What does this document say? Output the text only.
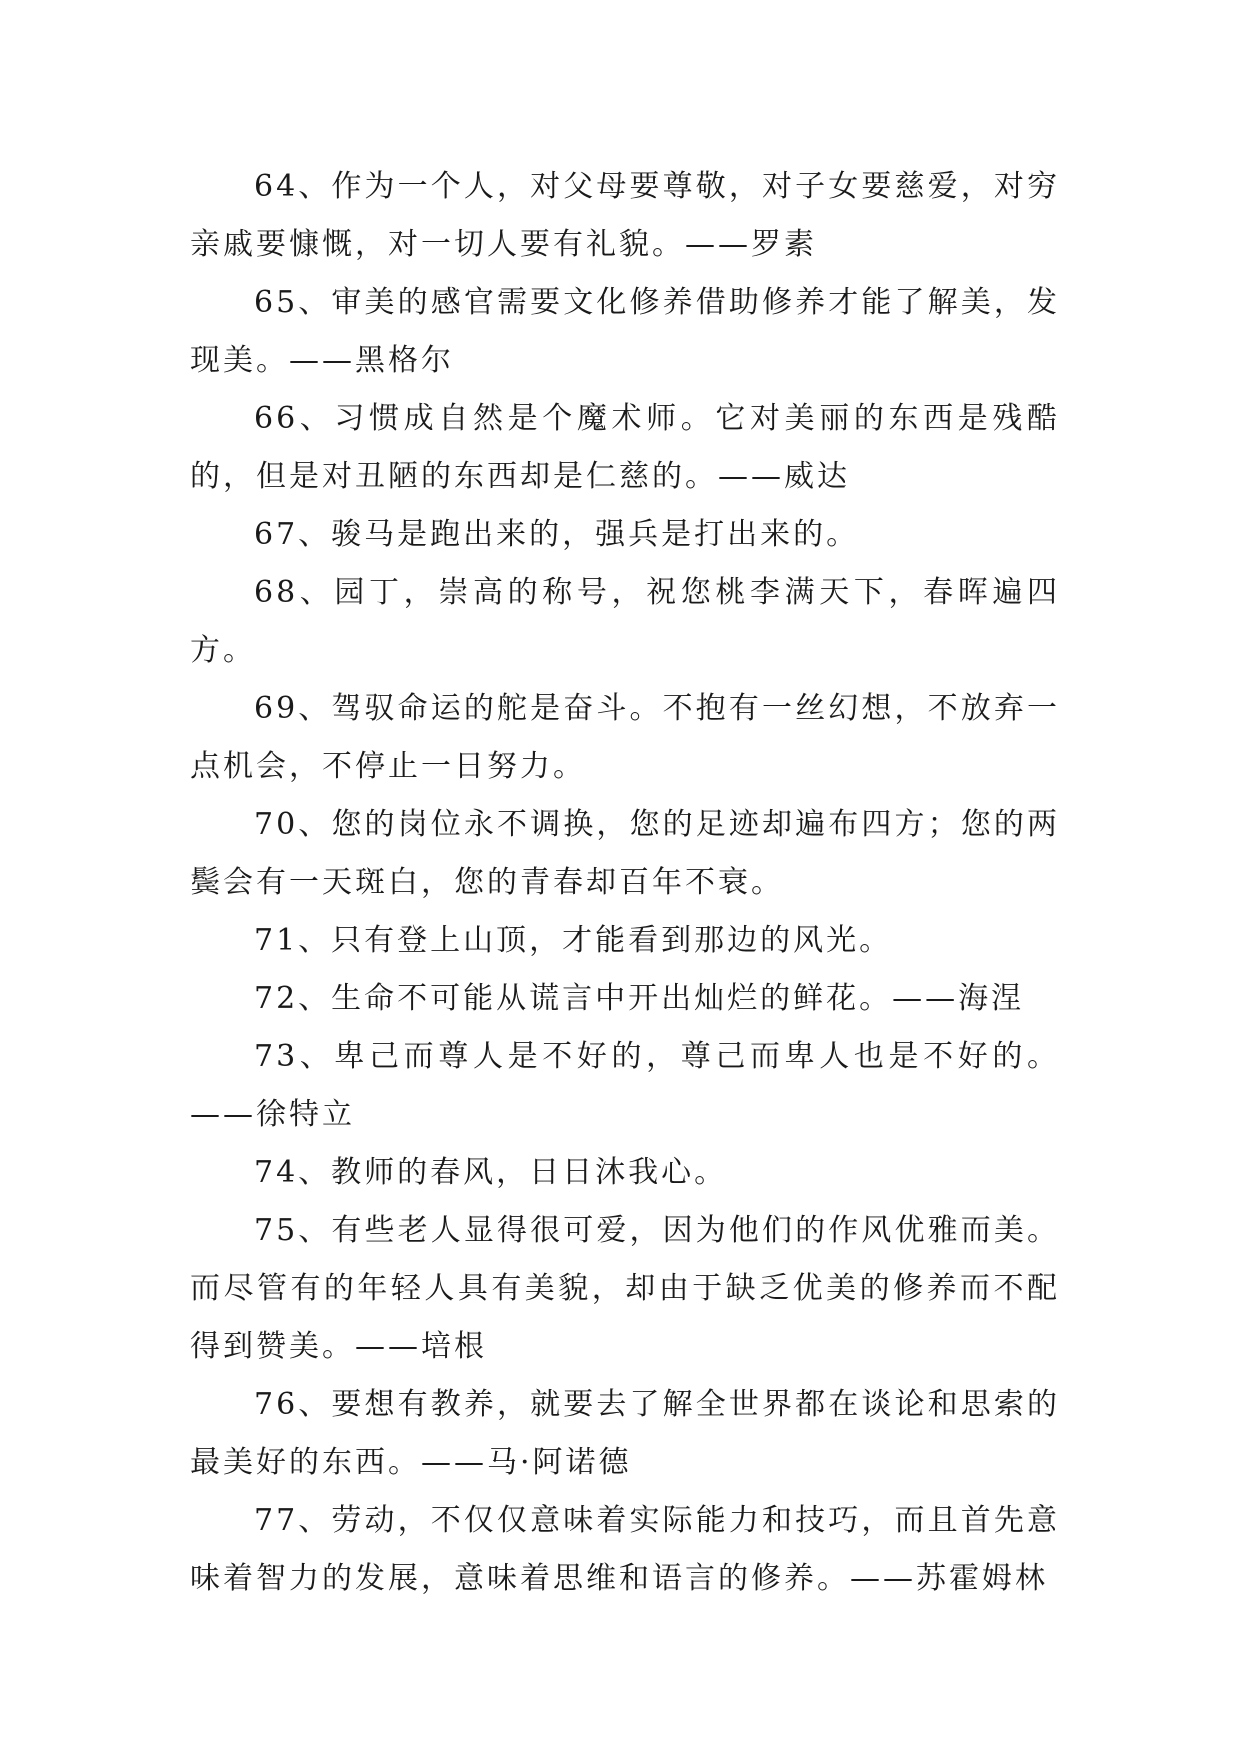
64、作为一个人，对父母要尊敬，对子女要慈爱，对穷亲戚要慷慨，对一切人要有礼貌。——罗素

65、审美的感官需要文化修养借助修养才能了解美，发现美。——黑格尔

66、习惯成自然是个魔术师。它对美丽的东西是残酷的，但是对丑陋的东西却是仁慈的。——威达

67、骏马是跑出来的，强兵是打出来的。

68、园丁，崇高的称号，祝您桃李满天下，春晖遍四方。

69、驾驭命运的舵是奋斗。不抱有一丝幻想，不放弃一点机会，不停止一日努力。

70、您的岗位永不调换，您的足迹却遍布四方；您的两鬓会有一天斑白，您的青春却百年不衰。

71、只有登上山顶，才能看到那边的风光。

72、生命不可能从谎言中开出灿烂的鲜花。——海涅

73、卑己而尊人是不好的，尊己而卑人也是不好的。——徐特立

74、教师的春风，日日沐我心。

75、有些老人显得很可爱，因为他们的作风优雅而美。而尽管有的年轻人具有美貌，却由于缺乏优美的修养而不配得到赞美。——培根

76、要想有教养，就要去了解全世界都在谈论和思索的最美好的东西。——马·阿诺德

77、劳动，不仅仅意味着实际能力和技巧，而且首先意味着智力的发展，意味着思维和语言的修养。——苏霍姆林
